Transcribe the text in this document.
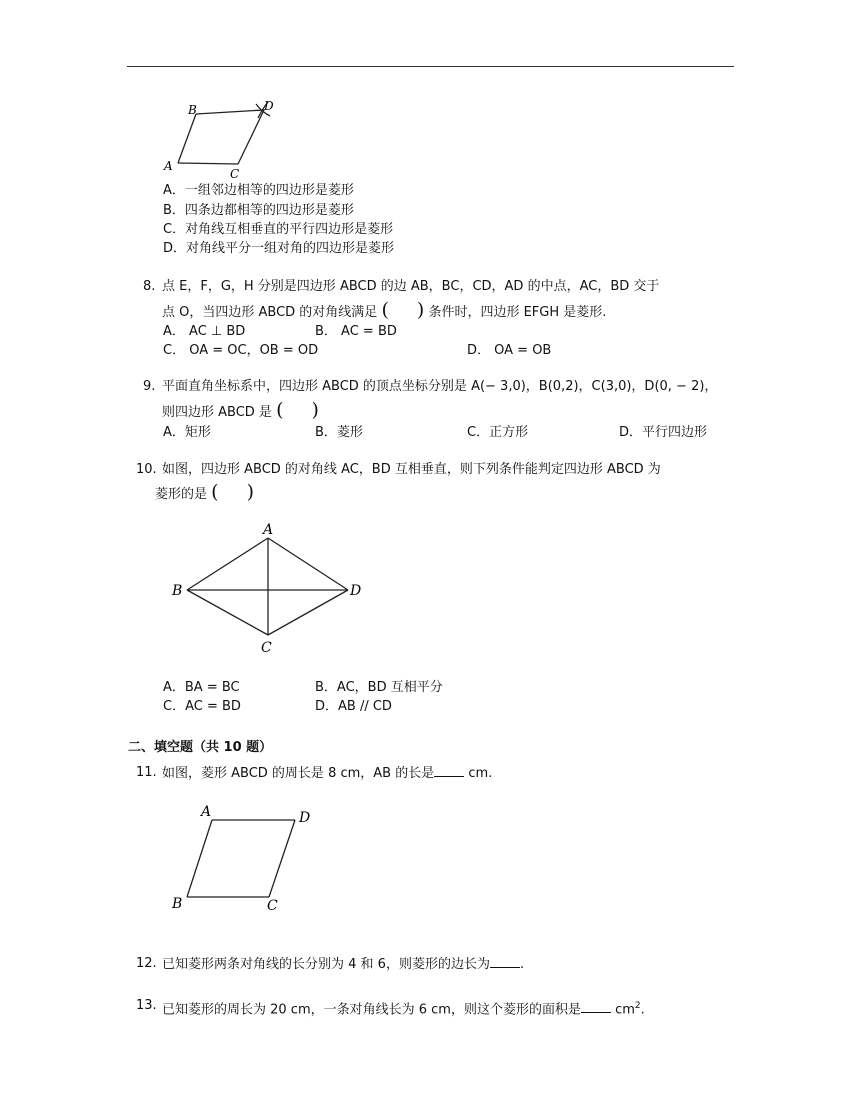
B	D
A
C
A．一组邻边相等的四边形是菱形
B．四条边都相等的四边形是菱形
C．对角线互相垂直的平行四边形是菱形
D．对角线平分一组对角的四边形是菱形
8. 点 E，F，G，H 分别是四边形 ABCD 的边 AB，BC，CD，AD 的中点，AC，BD 交于
点 O，当四边形 ABCD 的对角线满足 ( ) 条件时，四边形 EFGH 是菱形.
A． AC ⊥ BD	B． AC = BD
C． OA = OC，OB = OD	D． OA = OB
9. 平面直角坐标系中，四边形 ABCD 的顶点坐标分别是 A(− 3,0)，B(0,2)，C(3,0)，D(0, − 2)，
则四边形 ABCD 是 ( )
A．矩形	B．菱形	C．正方形	D．平行四边形
10. 如图，四边形 ABCD 的对角线 AC，BD 互相垂直，则下列条件能判定四边形 ABCD 为
菱形的是 ( )
A
B	D
C
A．BA = BC	B．AC，BD 互相平分
C．AC = BD	D．AB // CD
二、填空题（共 10 题）
11. 如图，菱形 ABCD 的周长是 8 cm，AB 的长是	cm.
A	D
B	C
12. 已知菱形两条对角线的长分别为 4 和 6，则菱形的边长为 .
13. 已知菱形的周长为 20 cm，一条对角线长为 6 cm，则这个菱形的面积是	$cm^2$.
